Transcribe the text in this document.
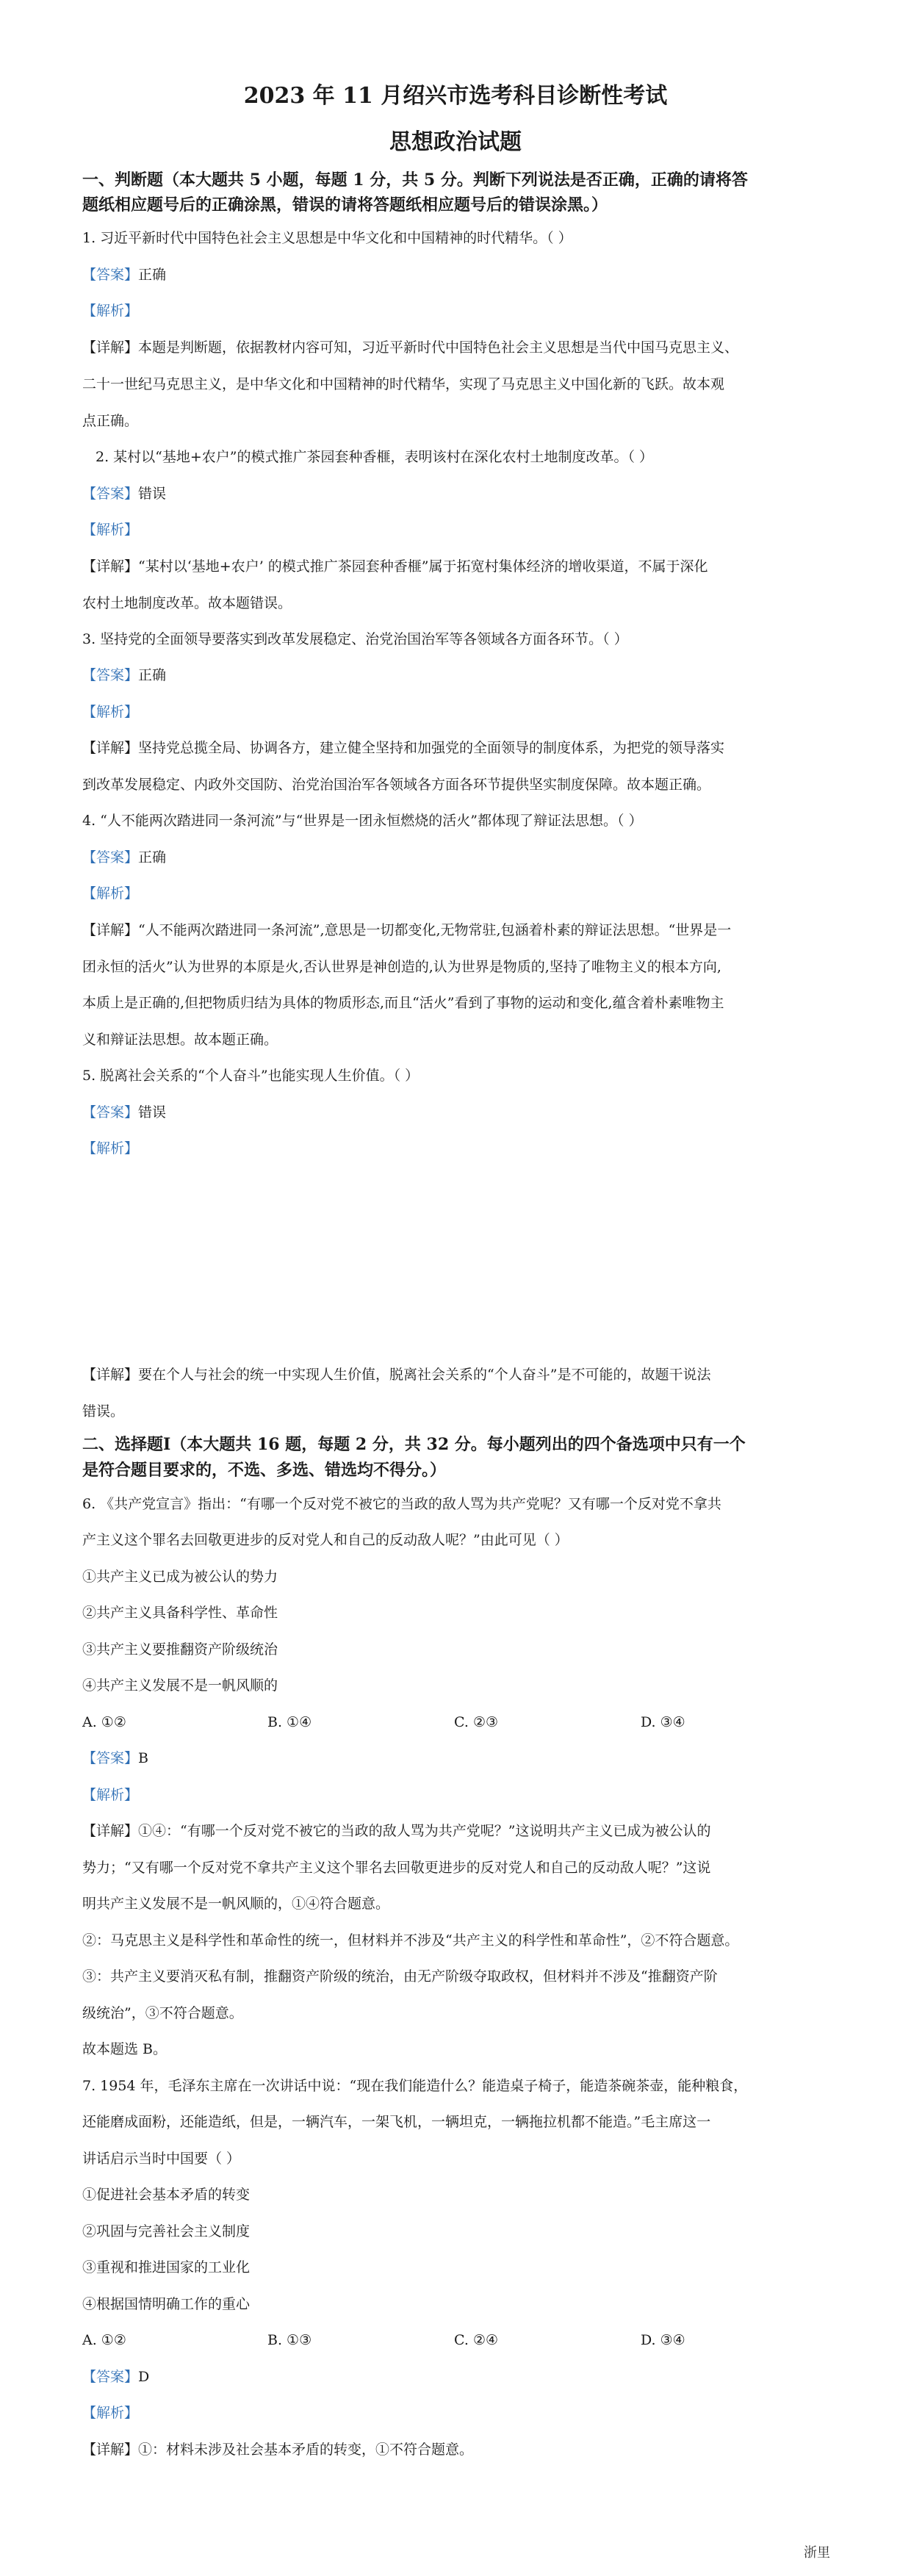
2023 年 11 月绍兴市选考科目诊断性考试
思想政治试题
一、判断题（本大题共 5 小题，每题 1 分，共 5 分。判断下列说法是否正确，正确的请将答
题纸相应题号后的正确涂黑，错误的请将答题纸相应题号后的错误涂黑。）
1. 习近平新时代中国特色社会主义思想是中华文化和中国精神的时代精华。（ ）
【答案】正确
【解析】
【详解】本题是判断题，依据教材内容可知，习近平新时代中国特色社会主义思想是当代中国马克思主义、
二十一世纪马克思主义，是中华文化和中国精神的时代精华，实现了马克思主义中国化新的飞跃。故本观
点正确。
2. 某村以“基地+农户”的模式推广茶园套种香榧，表明该村在深化农村土地制度改革。（ ）
【答案】错误
【解析】
【详解】“某村以‘基地+农户’ 的模式推广茶园套种香榧”属于拓宽村集体经济的增收渠道，不属于深化
农村土地制度改革。故本题错误。
3. 坚持党的全面领导要落实到改革发展稳定、治党治国治军等各领域各方面各环节。（ ）
【答案】正确
【解析】
【详解】坚持党总揽全局、协调各方，建立健全坚持和加强党的全面领导的制度体系，为把党的领导落实
到改革发展稳定、内政外交国防、治党治国治军各领域各方面各环节提供坚实制度保障。故本题正确。
4. “人不能两次踏进同一条河流”与“世界是一团永恒燃烧的活火”都体现了辩证法思想。（ ）
【答案】正确
【解析】
【详解】“人不能两次踏进同一条河流”,意思是一切都变化,无物常驻,包涵着朴素的辩证法思想。“世界是一
团永恒的活火”认为世界的本原是火,否认世界是神创造的,认为世界是物质的,坚持了唯物主义的根本方向,
本质上是正确的,但把物质归结为具体的物质形态,而且“活火”看到了事物的运动和变化,蕴含着朴素唯物主
义和辩证法思想。故本题正确。
5. 脱离社会关系的“个人奋斗”也能实现人生价值。（ ）
【答案】错误
【解析】
【详解】要在个人与社会的统一中实现人生价值，脱离社会关系的“个人奋斗”是不可能的，故题干说法
错误。
二、选择题Ⅰ（本大题共 16 题，每题 2 分，共 32 分。每小题列出的四个备选项中只有一个
是符合题目要求的，不选、多选、错选均不得分。）
6. 《共产党宣言》指出：“有哪一个反对党不被它的当政的敌人骂为共产党呢？又有哪一个反对党不拿共
产主义这个罪名去回敬更进步的反对党人和自己的反动敌人呢？”由此可见（ ）
①共产主义已成为被公认的势力
②共产主义具备科学性、革命性
③共产主义要推翻资产阶级统治
④共产主义发展不是一帆风顺的
A. ①②	B. ①④	C. ②③	D. ③④
【答案】B
【解析】
【详解】①④：“有哪一个反对党不被它的当政的敌人骂为共产党呢？”这说明共产主义已成为被公认的
势力；“又有哪一个反对党不拿共产主义这个罪名去回敬更进步的反对党人和自己的反动敌人呢？”这说
明共产主义发展不是一帆风顺的，①④符合题意。
②：马克思主义是科学性和革命性的统一，但材料并不涉及“共产主义的科学性和革命性”，②不符合题意。
③：共产主义要消灭私有制，推翻资产阶级的统治，由无产阶级夺取政权，但材料并不涉及“推翻资产阶
级统治”，③不符合题意。
故本题选 B。
7. 1954 年，毛泽东主席在一次讲话中说：“现在我们能造什么？能造桌子椅子，能造茶碗茶壶，能种粮食，
还能磨成面粉，还能造纸，但是，一辆汽车，一架飞机，一辆坦克，一辆拖拉机都不能造。”毛主席这一
讲话启示当时中国要（ ）
①促进社会基本矛盾的转变
②巩固与完善社会主义制度
③重视和推进国家的工业化
④根据国情明确工作的重心
A. ①②	B. ①③	C. ②④	D. ③④
【答案】D
【解析】
【详解】①：材料未涉及社会基本矛盾的转变，①不符合题意。
浙里
